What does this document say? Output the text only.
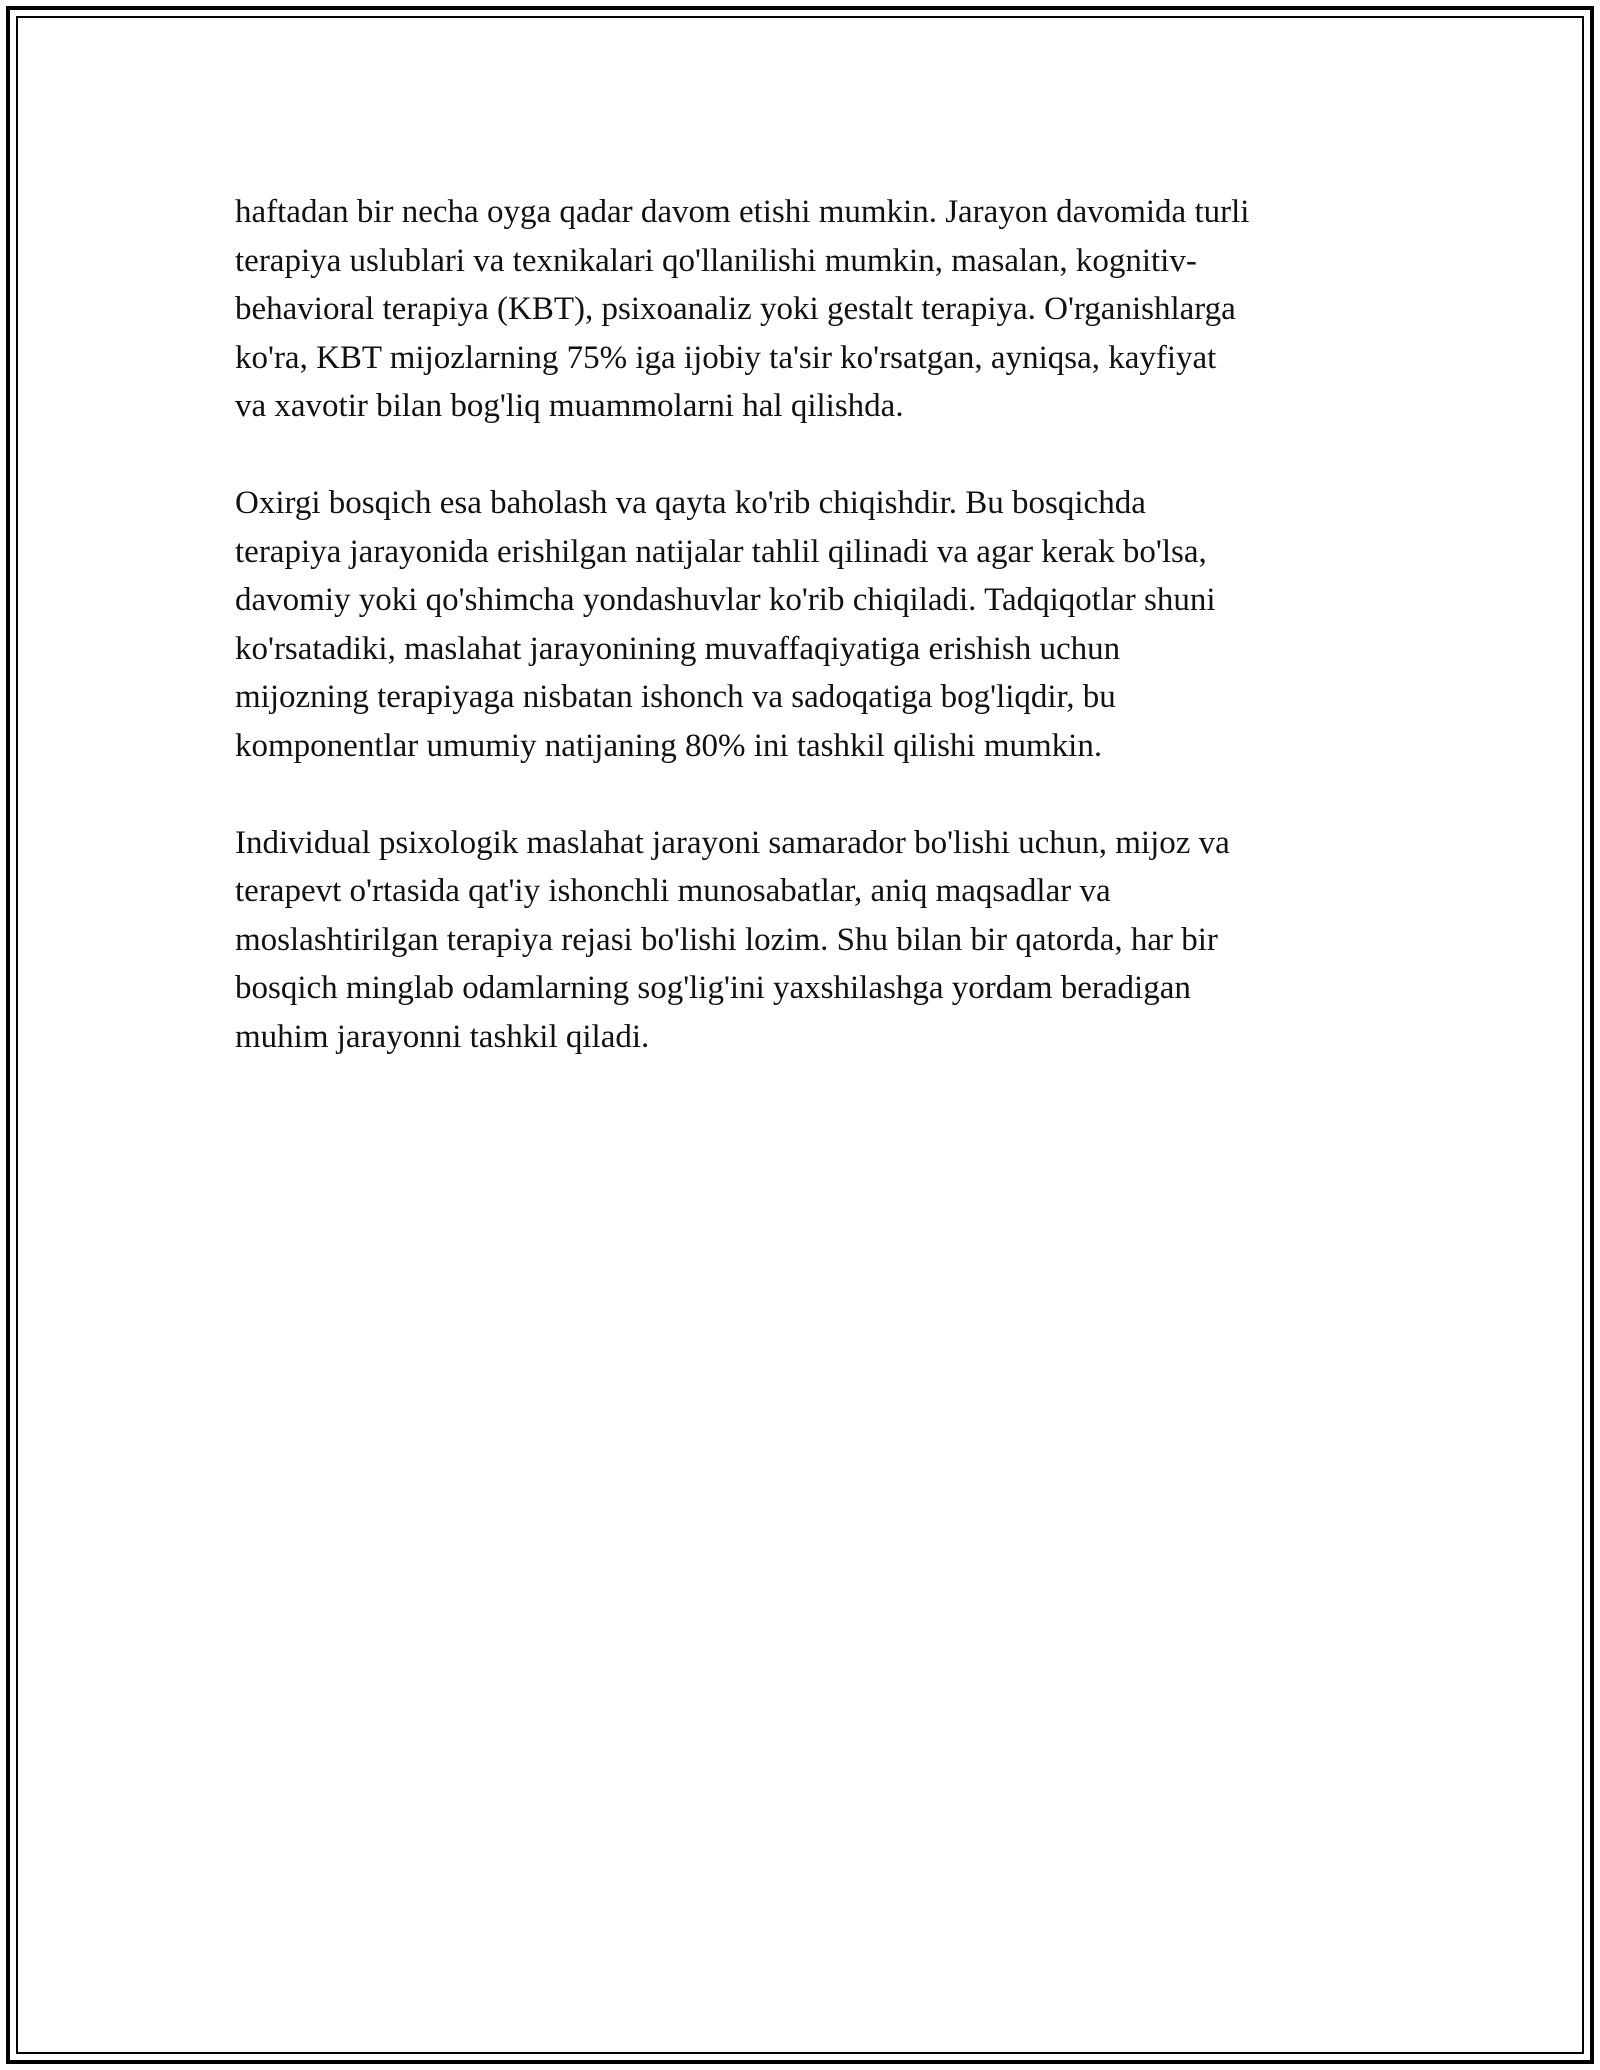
haftadan bir necha oyga qadar davom etishi mumkin. Jarayon davomida turli
terapiya uslublari va texnikalari qo'llanilishi mumkin, masalan, kognitiv-
behavioral terapiya (KBT), psixoanaliz yoki gestalt terapiya. O'rganishlarga
ko'ra, KBT mijozlarning 75% iga ijobiy ta'sir ko'rsatgan, ayniqsa, kayfiyat
va xavotir bilan bog'liq muammolarni hal qilishda.

Oxirgi bosqich esa baholash va qayta ko'rib chiqishdir. Bu bosqichda
terapiya jarayonida erishilgan natijalar tahlil qilinadi va agar kerak bo'lsa,
davomiy yoki qo'shimcha yondashuvlar ko'rib chiqiladi. Tadqiqotlar shuni
ko'rsatadiki, maslahat jarayonining muvaffaqiyatiga erishish uchun
mijozning terapiyaga nisbatan ishonch va sadoqatiga bog'liqdir, bu
komponentlar umumiy natijaning 80% ini tashkil qilishi mumkin.

Individual psixologik maslahat jarayoni samarador bo'lishi uchun, mijoz va
terapevt o'rtasida qat'iy ishonchli munosabatlar, aniq maqsadlar va
moslashtirilgan terapiya rejasi bo'lishi lozim. Shu bilan bir qatorda, har bir
bosqich minglab odamlarning sog'lig'ini yaxshilashga yordam beradigan
muhim jarayonni tashkil qiladi.
